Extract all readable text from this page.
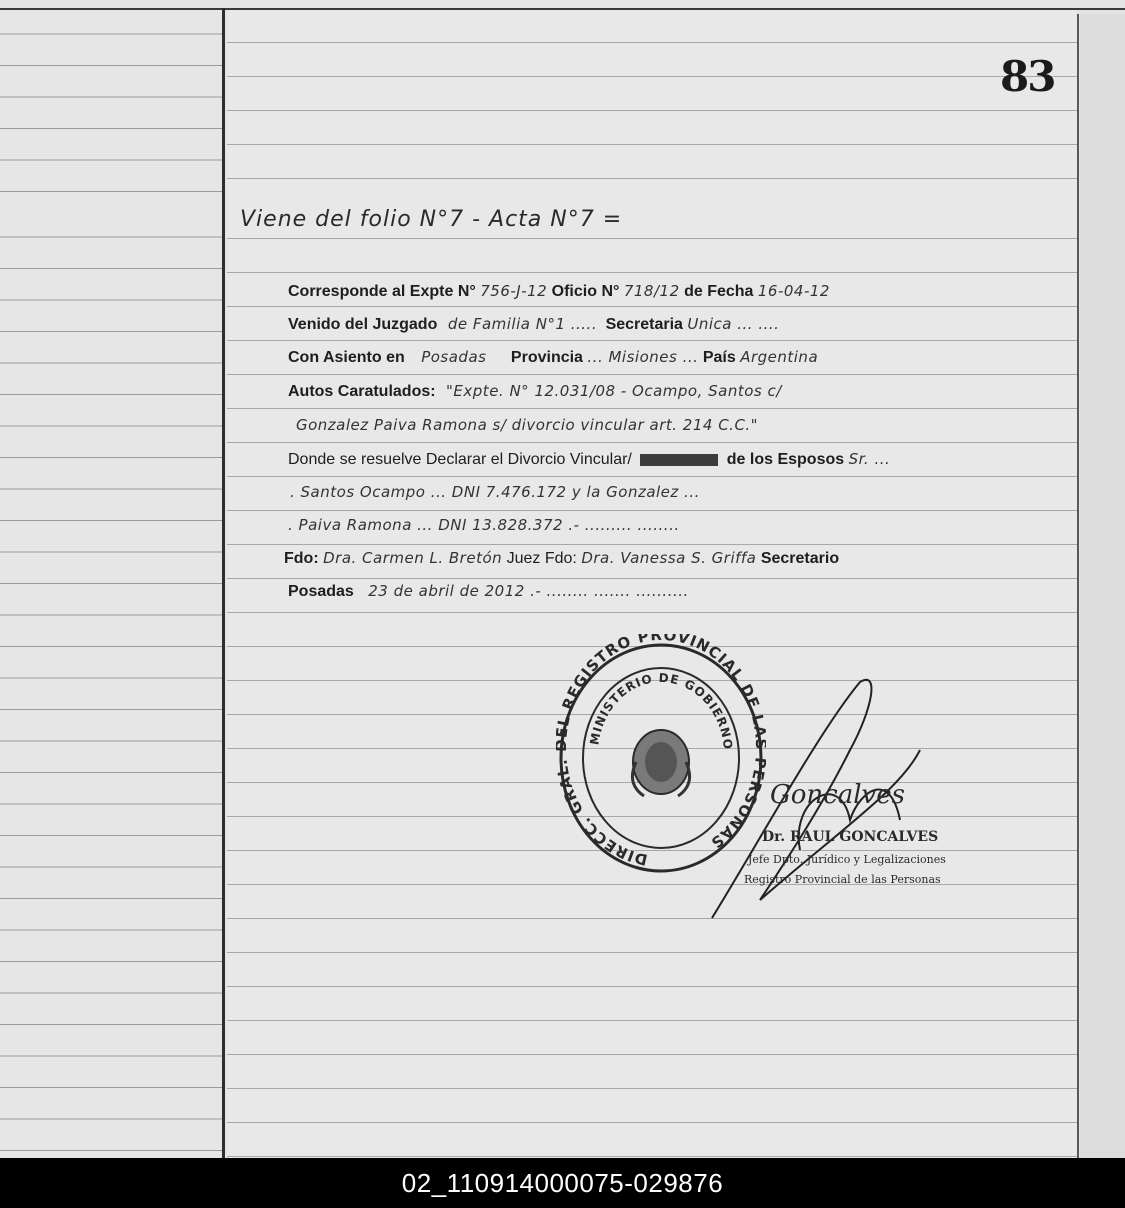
83
Viene del folio N°7 - Acta N°7 =
Corresponde al Expte N° 756-J-12 Oficio N° 718/12 de Fecha 16-04-12
Venido del Juzgado de Familia N°1 ..... Secretaria Unica ... ....
Con Asiento en Posadas Provincia ... Misiones ... País Argentina
Autos Caratulados: "Expte. N° 12.031/08 - Ocampo, Santos c/
Gonzalez Paiva Ramona s/ divorcio vincular art. 214 C.C."
Donde se resuelve Declarar el Divorcio Vincular/	de los Esposos Sr. ...
. Santos Ocampo ... DNI 7.476.172 y la Gonzalez ...
. Paiva Ramona ... DNI 13.828.372 .- ......... ........
Fdo: Dra. Carmen L. Bretón Juez Fdo: Dra. Vanessa S. Griffa Secretario
Posadas 23 de abril de 2012 .- ........ ....... ..........
DIRECC. GRA L REGISTRO PROVINCIAL DE L RSONAS
MINISTERIO DE GOBIERNO
Goncalves
Dr. RAUL GONCALVES
Jefe Dpto. Jurídico y Legalizaciones
Registro Provincial de las Personas
02_110914000075-029876
